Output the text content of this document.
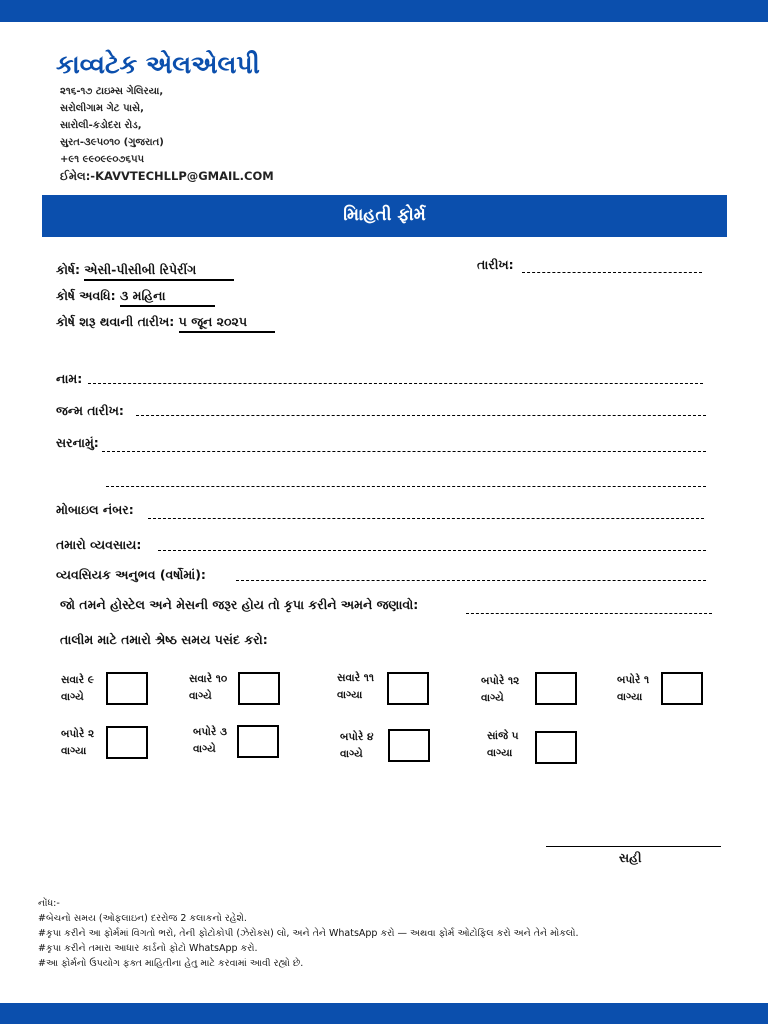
કાવ્વટેક એલએલપી
૨૧૬-૧૭ ટાઇમ્સ ગેલિરયા,
સરોલીગામ ગેટ પાસે,
સારોલી-કડોદરા રોડ,
સુરત-૩૯૫૦૧૦ (ગુજરાત)
+૯૧ ૯૯૦૯૯૦૭૬૫૫
ઈમેલ:-KAVVTECHLLP@GMAIL.COM
માિહતી ફોર્મ
કોર્ષ: એસી-પીસીબી રિપેરીંગ
કોર્ષ અવધિ: ૩ મહિના
કોર્ષ શરૂ થવાની તારીખ: ૫ જૂન ૨૦૨૫
તારીખ:
નામ:
જન્મ તારીખ:
સરનામું:
મોબાઇલ નંબર:
તમારો વ્યવસાય:
વ્યવસિયક અનુભવ (વર્ષોમાં):
જો તમને હોસ્ટેલ અને મેસની જરૂર હોય તો કૃપા કરીને અમને જણાવો:
તાલીમ માટે તમારો શ્રેષ્ઠ સમય પસંદ કરો:
સવારે ૯
વાગ્યે
સવારે ૧૦
વાગ્યે
સવારે ૧૧
વાગ્યા
બપોરે ૧૨
વાગ્યે
બપોરે ૧
વાગ્યા
બપોરે ૨
વાગ્યા
બપોરે ૩
વાગ્યે
બપોરે ૪
વાગ્યે
સાંજે ૫
વાગ્યા
સહી
નોંધ:-
#બેચનો સમય (ઓફલાઇન) દરરોજ 2 કલાકનો રહેશે.
#કૃપા કરીને આ ફોર્મમાં વિગતો ભરો, તેની ફોટોકોપી (ઝેરોક્સ) લો, અને તેને WhatsApp કરો — અથવા ફોર્મ ઓટોફિલ કરો અને તેને મોકલો.
#કૃપા કરીને તમારા આધાર કાર્ડનો ફોટો WhatsApp કરો.
#આ ફોર્મનો ઉપયોગ ફક્ત માહિતીના હેતુ માટે કરવામાં આવી રહ્યો છે.
